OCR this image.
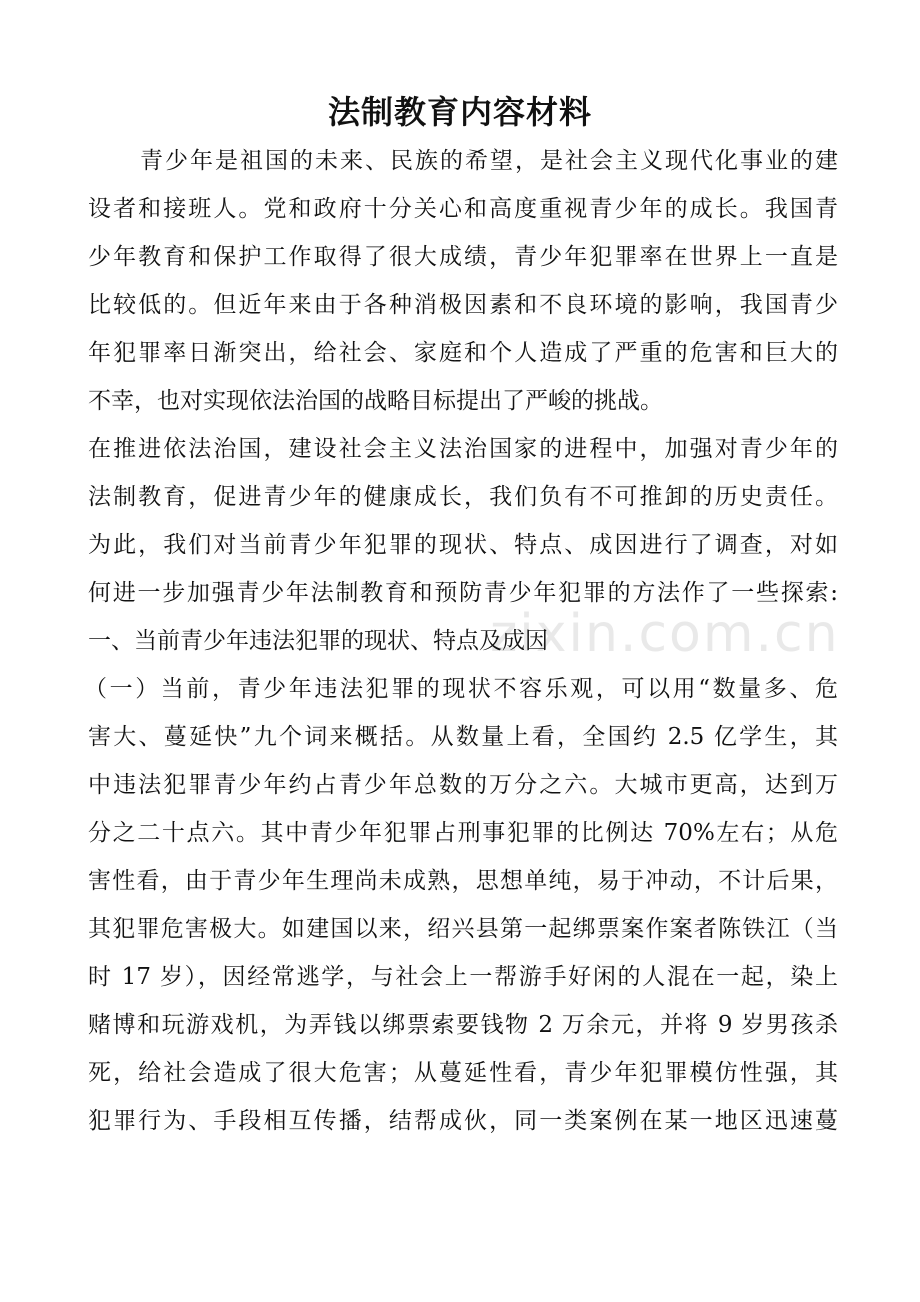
zixin.com.cn
法制教育内容材料
青少年是祖国的未来、民族的希望，是社会主义现代化事业的建
设者和接班人。党和政府十分关心和高度重视青少年的成长。我国青
少年教育和保护工作取得了很大成绩，青少年犯罪率在世界上一直是
比较低的。但近年来由于各种消极因素和不良环境的影响，我国青少
年犯罪率日渐突出，给社会、家庭和个人造成了严重的危害和巨大的
不幸，也对实现依法治国的战略目标提出了严峻的挑战。
在推进依法治国，建设社会主义法治国家的进程中，加强对青少年的
法制教育，促进青少年的健康成长，我们负有不可推卸的历史责任。
为此，我们对当前青少年犯罪的现状、特点、成因进行了调查，对如
何进一步加强青少年法制教育和预防青少年犯罪的方法作了一些探索:
一、当前青少年违法犯罪的现状、特点及成因
（一）当前，青少年违法犯罪的现状不容乐观，可以用“数量多、危
害大、蔓延快”九个词来概括。从数量上看，全国约 2.5 亿学生，其
中违法犯罪青少年约占青少年总数的万分之六。大城市更高，达到万
分之二十点六。其中青少年犯罪占刑事犯罪的比例达 70%左右；从危
害性看，由于青少年生理尚未成熟，思想单纯，易于冲动，不计后果，
其犯罪危害极大。如建国以来，绍兴县第一起绑票案作案者陈铁江（当
时 17 岁），因经常逃学，与社会上一帮游手好闲的人混在一起，染上
赌博和玩游戏机，为弄钱以绑票索要钱物 2 万余元，并将 9 岁男孩杀
死，给社会造成了很大危害；从蔓延性看，青少年犯罪模仿性强，其
犯罪行为、手段相互传播，结帮成伙，同一类案例在某一地区迅速蔓
